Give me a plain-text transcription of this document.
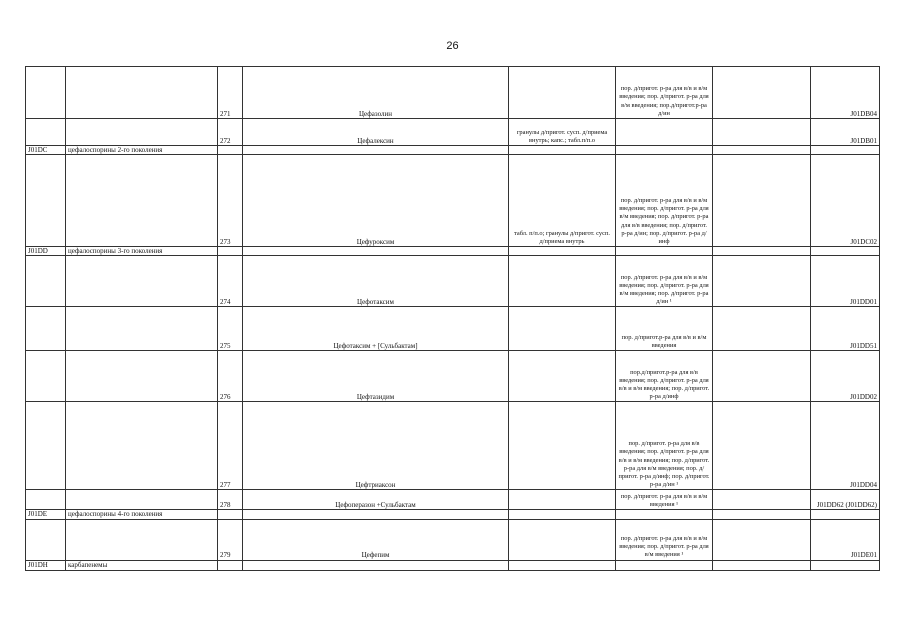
26
		271	Цефазолин		пор. д/пригот. р-ра для в/в и в/м введения; пор. д/пригот. р-ра для в/м введения; пор.д/пригот.р-ра д/ин		J01DB04
		272	Цефалексин	гранулы д/пригот. сусп. д/приема внутрь; капс.; табл.п/п.о			J01DB01
J01DC	цефалоспорины 2-го поколения						
		273	Цефуроксим	табл. п/п.о; гранулы д/пригот. сусп. д/приема внутрь	пор. д/пригот. р-ра для в/в и в/м введения; пор. д/пригот. р-ра для в/м введения; пор. д/пригот. р-ра для в/в введения; пор. д/пригот. р-ра д/ин; пор. д/пригот. р-ра д/инф		J01DC02
J01DD	цефалоспорины 3-го поколения						
		274	Цефотаксим		пор. д/пригот. р-ра для в/в и в/м введения; пор. д/пригот. р-ра для в/м введения; пор. д/пригот. р-ра д/ин ¹		J01DD01
		275	Цефотаксим + [Сульбактам]		пор. д/пригот.р-ра для в/в и в/м введения		J01DD51
		276	Цефтазидим		пор.д/пригот.р-ра для в/в введения; пор. д/пригот. р-ра для в/в и в/м введения; пор. д/пригот. р-ра д/инф		J01DD02
		277	Цефтриаксон		пор. д/пригот. р-ра для в/в введения; пор. д/пригот. р-ра для в/в и в/м введения; пор. д/пригот. р-ра для в/м введения; пор. д/пригот. р-ра д/инф; пор. д/пригот. р-ра д/ин ¹		J01DD04
		278	Цефоперазон +Сульбактам		пор. д/пригот. р-ра для в/в и в/м введения ¹		J01DD62 (J01DD62)
J01DE	цефалоспорины 4-го поколения						
		279	Цефепим		пор. д/пригот. р-ра для в/в и в/м введения; пор. д/пригот. р-ра для в/м введения ¹		J01DE01
J01DH	карбапенемы						
